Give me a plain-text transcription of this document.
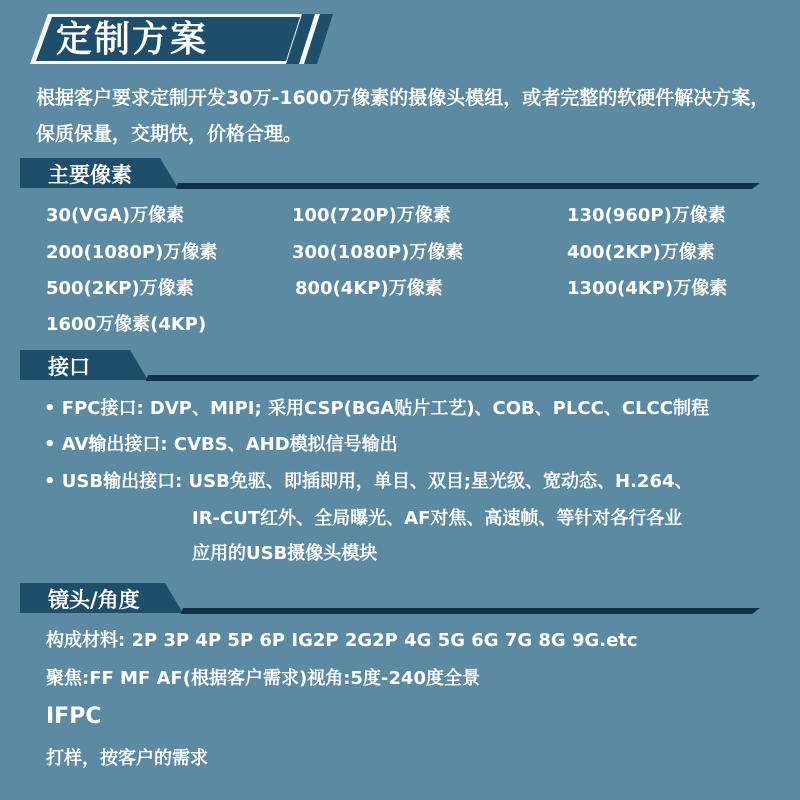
定制方案
根据客户要求定制开发30万-1600万像素的摄像头模组，或者完整的软硬件解决方案，保质保量，交期快，价格合理。
主要像素
30(VGA)万像素	100(720P)万像素	130(960P)万像素
200(1080P)万像素	300(1080P)万像素	400(2KP)万像素
500(2KP)万像素	800(4KP)万像素	1300(4KP)万像素
1600万像素(4KP)
接口
• FPC接口: DVP、MIPI; 采用CSP(BGA贴片工艺)、COB、PLCC、CLCC制程
• AV输出接口: CVBS、AHD模拟信号输出
• USB输出接口: USB免驱、即插即用，单目、双目;星光级、宽动态、H.264、
IR-CUT红外、全局曝光、AF对焦、高速帧、等针对各行各业
应用的USB摄像头模块
镜头/角度
构成材料: 2P 3P 4P 5P 6P IG2P 2G2P 4G 5G 6G 7G 8G 9G.etc
聚焦:FF MF AF(根据客户需求)视角:5度-240度全景
IFPC
打样，按客户的需求
